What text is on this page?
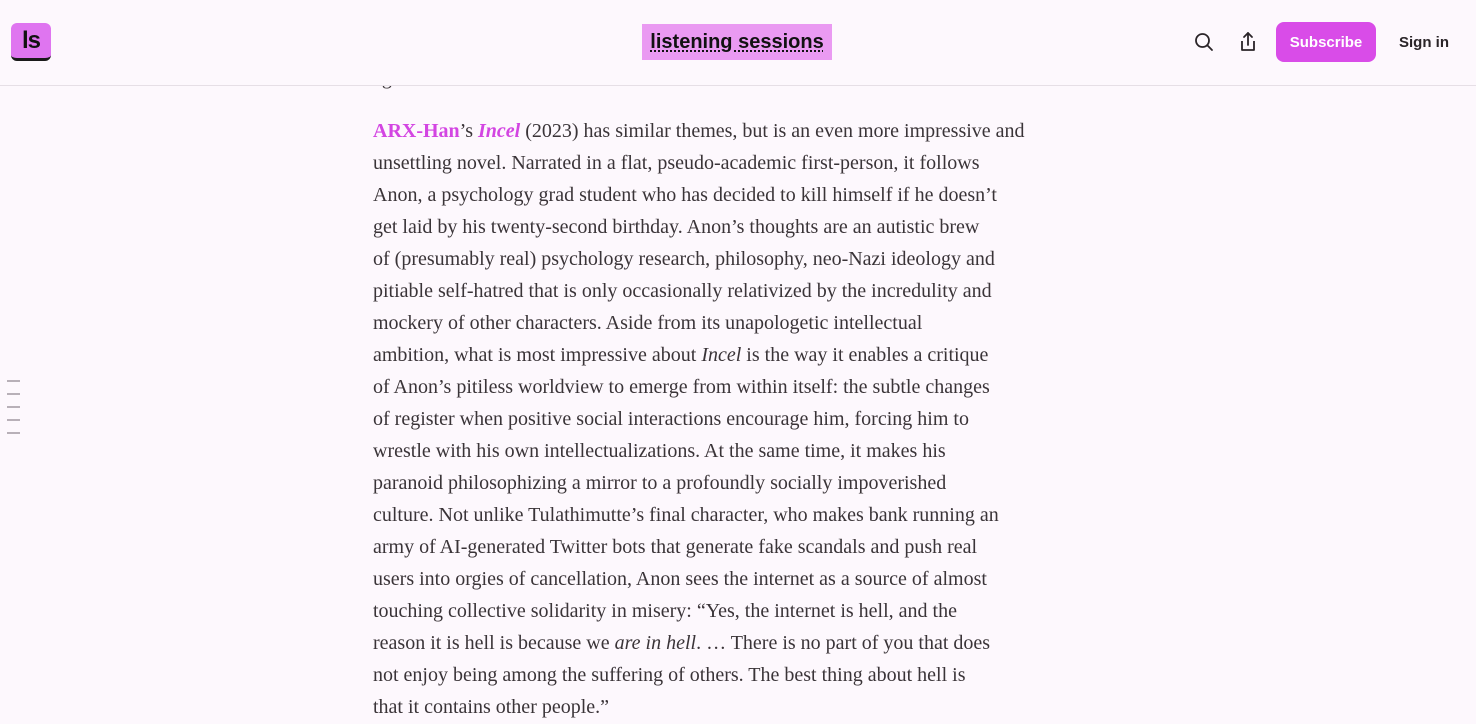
ls	listening sessions	Subscribe	Sign in
ARX-Han’s Incel (2023) has similar themes, but is an even more impressive and
unsettling novel. Narrated in a flat, pseudo-academic first-person, it follows
Anon, a psychology grad student who has decided to kill himself if he doesn’t
get laid by his twenty-second birthday. Anon’s thoughts are an autistic brew
of (presumably real) psychology research, philosophy, neo-Nazi ideology and
pitiable self-hatred that is only occasionally relativized by the incredulity and
mockery of other characters. Aside from its unapologetic intellectual
ambition, what is most impressive about Incel is the way it enables a critique
of Anon’s pitiless worldview to emerge from within itself: the subtle changes
of register when positive social interactions encourage him, forcing him to
wrestle with his own intellectualizations. At the same time, it makes his
paranoid philosophizing a mirror to a profoundly socially impoverished
culture. Not unlike Tulathimutte’s final character, who makes bank running an
army of AI-generated Twitter bots that generate fake scandals and push real
users into orgies of cancellation, Anon sees the internet as a source of almost
touching collective solidarity in misery: “Yes, the internet is hell, and the
reason it is hell is because we are in hell. … There is no part of you that does
not enjoy being among the suffering of others. The best thing about hell is
that it contains other people.”
